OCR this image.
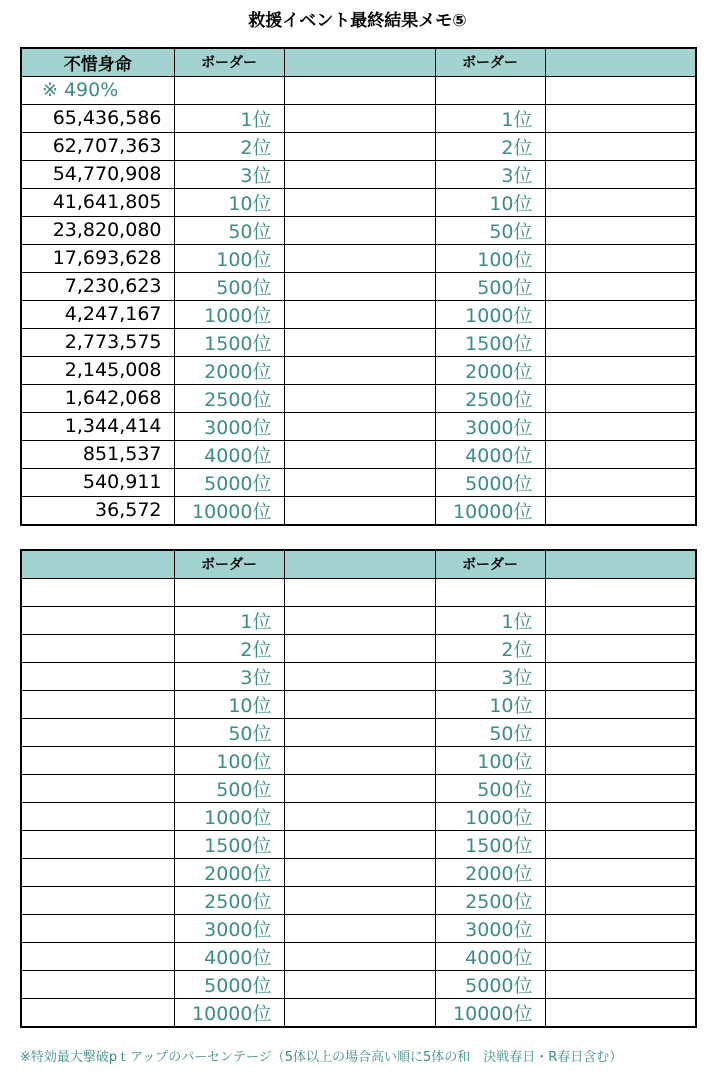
救援イベント最終結果メモ⑤
不惜身命	ボーダー		ボーダー	
※ 490%				
65,436,586	1位		1位	
62,707,363	2位		2位	
54,770,908	3位		3位	
41,641,805	10位		10位	
23,820,080	50位		50位	
17,693,628	100位		100位	
7,230,623	500位		500位	
4,247,167	1000位		1000位	
2,773,575	1500位		1500位	
2,145,008	2000位		2000位	
1,642,068	2500位		2500位	
1,344,414	3000位		3000位	
851,537	4000位		4000位	
540,911	5000位		5000位	
36,572	10000位		10000位	
	ボーダー		ボーダー	

	1位		1位	
	2位		2位	
	3位		3位	
	10位		10位	
	50位		50位	
	100位		100位	
	500位		500位	
	1000位		1000位	
	1500位		1500位	
	2000位		2000位	
	2500位		2500位	
	3000位		3000位	
	4000位		4000位	
	5000位		5000位	
	10000位		10000位	
※特効最大撃破pｔアップのパーセンテージ（5体以上の場合高い順に5体の和　決戦春日・R春日含む）
